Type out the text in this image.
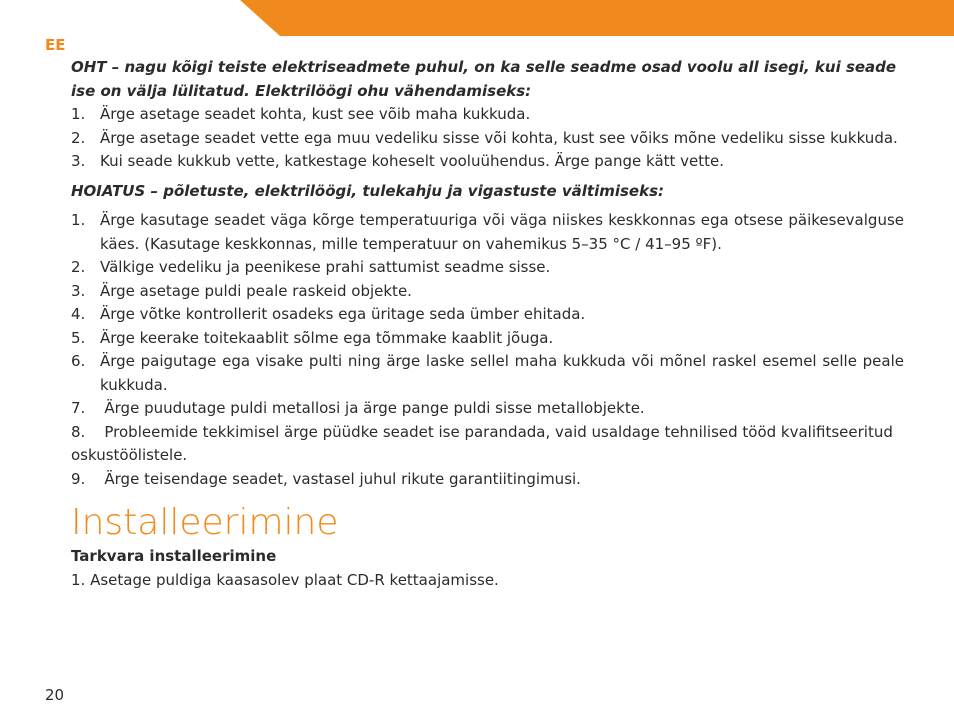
EE

OHT – nagu kõigi teiste elektriseadmete puhul, on ka selle seadme osad voolu all isegi, kui seade ise on välja lülitatud. Elektrilöögi ohu vähendamiseks:

1. Ärge asetage seadet kohta, kust see võib maha kukkuda.
2. Ärge asetage seadet vette ega muu vedeliku sisse või kohta, kust see võiks mõne vedeliku sisse kukkuda.
3. Kui seade kukkub vette, katkestage koheselt vooluühendus. Ärge pange kätt vette.

HOIATUS – põletuste, elektrilöögi, tulekahju ja vigastuste vältimiseks:

1. Ärge kasutage seadet väga kõrge temperatuuriga või väga niiskes keskkonnas ega otsese päikesevalguse käes. (Kasutage keskkonnas, mille temperatuur on vahemikus 5–35 °C / 41–95 ºF).
2. Välkige vedeliku ja peenikese prahi sattumist seadme sisse.
3. Ärge asetage puldi peale raskeid objekte.
4. Ärge võtke kontrollerit osadeks ega üritage seda ümber ehitada.
5. Ärge keerake toitekaablit sõlme ega tõmmake kaablit jõuga.
6. Ärge paigutage ega visake pulti ning ärge laske sellel maha kukkuda või mõnel raskel esemel selle peale kukkuda.

7.    Ärge puudutage puldi metallosi ja ärge pange puldi sisse metallobjekte.

8.    Probleemide tekkimisel ärge püüdke seadet ise parandada, vaid usaldage tehnilised tööd kvalifitseeritud oskustöölistele.

9.    Ärge teisendage seadet, vastasel juhul rikute garantiitingimusi.

Installeerimine

Tarkvara installeerimine

1. Asetage puldiga kaasasolev plaat CD-R kettaajamisse.

20
